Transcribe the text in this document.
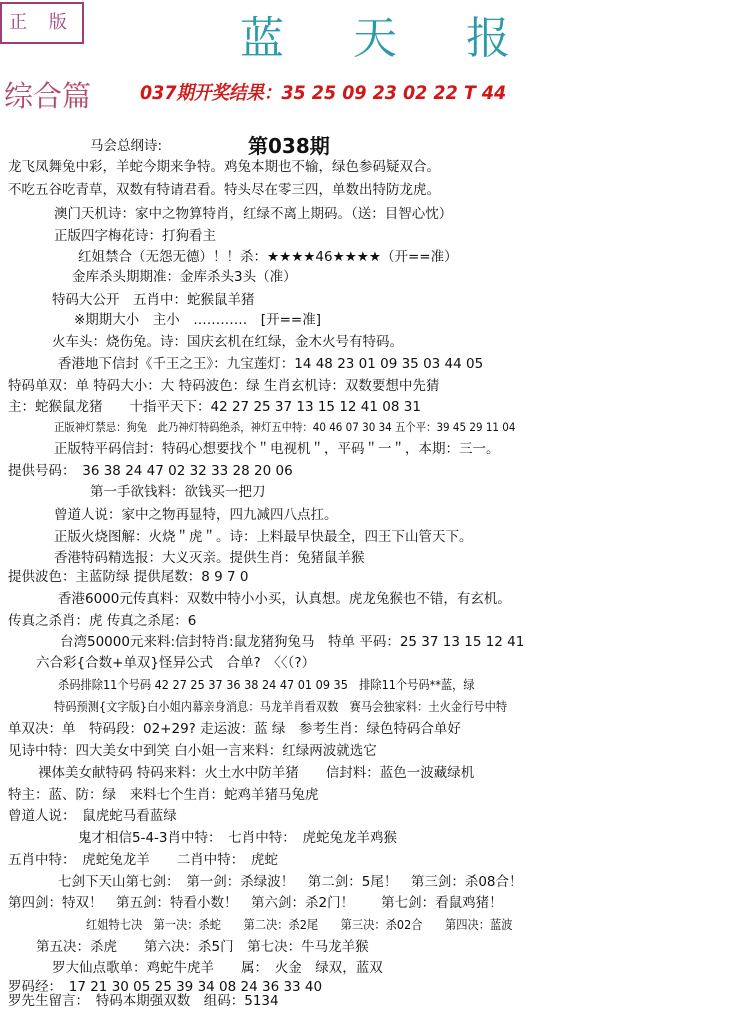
正 版	蓝 天 报
综合篇	037期开奖结果：35 25 09 23 02 22 T 44
第038期
马会总纲诗:
龙飞凤舞兔中彩，羊蛇今期来争特。鸡兔本期也不输，绿色参码疑双合。
不吃五谷吃青草，双数有特请君看。特头尽在零三四，单数出特防龙虎。
澳门天机诗：家中之物算特肖，红绿不离上期码。（送：目智心忱）
正版四字梅花诗：打狗看主
红姐禁合（无怨无德）！！杀：★★★★46★★★★（开==准）
金库杀头期期准：金库杀头3头（准）
特码大公开　五肖中：蛇猴鼠羊猪
※期期大小　主小　…………　[开==准]
火车头：烧伤兔。诗：国庆玄机在红绿，金木火号有特码。
香港地下信封《千王之王》：九宝莲灯：14 48 23 01 09 35 03 44 05
特码单双：单 特码大小：大 特码波色：绿 生肖玄机诗：双数要想中先猜
主：蛇猴鼠龙猪　　十指平天下：42 27 25 37 13 15 12 41 08 31
正版神灯禁忌：狗兔　此乃神灯特码绝杀，神灯五中特：40 46 07 30 34 五个平：39 45 29 11 04
正版特平码信封：特码心想要找个＂电视机＂，平码＂一＂，本期：三一。
提供号码：　36 38 24 47 02 32 33 28 20 06
第一手欲钱料：欲钱买一把刀
曾道人说：家中之物再显特，四九减四八点扛。
正版火烧图解：火烧＂虎＂。诗：上料最早快最全，四王下山管天下。
香港特码精选报：大义灭亲。提供生肖：兔猪鼠羊猴
提供波色：主蓝防绿 提供尾数：8 9 7 0
香港6000元传真料：双数中特小小买，认真想。虎龙兔猴也不错，有玄机。
传真之杀肖：虎 传真之杀尾：6
台湾50000元来料:信封特肖:鼠龙猪狗兔马　特单 平码：25 37 13 15 12 41
六合彩{合数+单双}怪异公式　合单?　〈〈（?）
杀码排除11个号码 42 27 25 37 36 38 24 47 01 09 35　排除11个号码**蓝，绿
特码预测{文字版}白小姐内幕亲身消息：马龙羊肖看双数　赛马会独家料：土火金行号中特
单双决：单　特码段：02+29? 走运波：蓝 绿　参考生肖：绿色特码合单好
见诗中特：四大美女中到笑 白小姐一言来料：红绿两波就选它
裸体美女献特码 特码来料：火土水中防羊猪　　信封料：蓝色一波藏绿机
特主：蓝、防：绿　来料七个生肖：蛇鸡羊猪马兔虎
曾道人说：　鼠虎蛇马看蓝绿
鬼才相信5-4-3肖中特：　七肖中特：　虎蛇兔龙羊鸡猴
五肖中特：　虎蛇兔龙羊　　二肖中特：　虎蛇
七剑下天山第七剑：　第一剑：杀绿波！　第二剑：5尾！　第三剑：杀08合！
第四剑：特双！　第五剑：特看小数！　第六剑：杀2门！　　第七剑：看鼠鸡猪！
红姐特七决　第一决：杀蛇　　第二决：杀2尾　　第三决：杀02合　　第四决：蓝波
第五决：杀虎　　第六决：杀5门　第七决：牛马龙羊猴
罗大仙点歌单：鸡蛇牛虎羊　　属：　火金　绿双，蓝双
罗码经：　17 21 30 05 25 39 34 08 24 36 33 40
罗先生留言：　特码本期强双数　组码：5134
